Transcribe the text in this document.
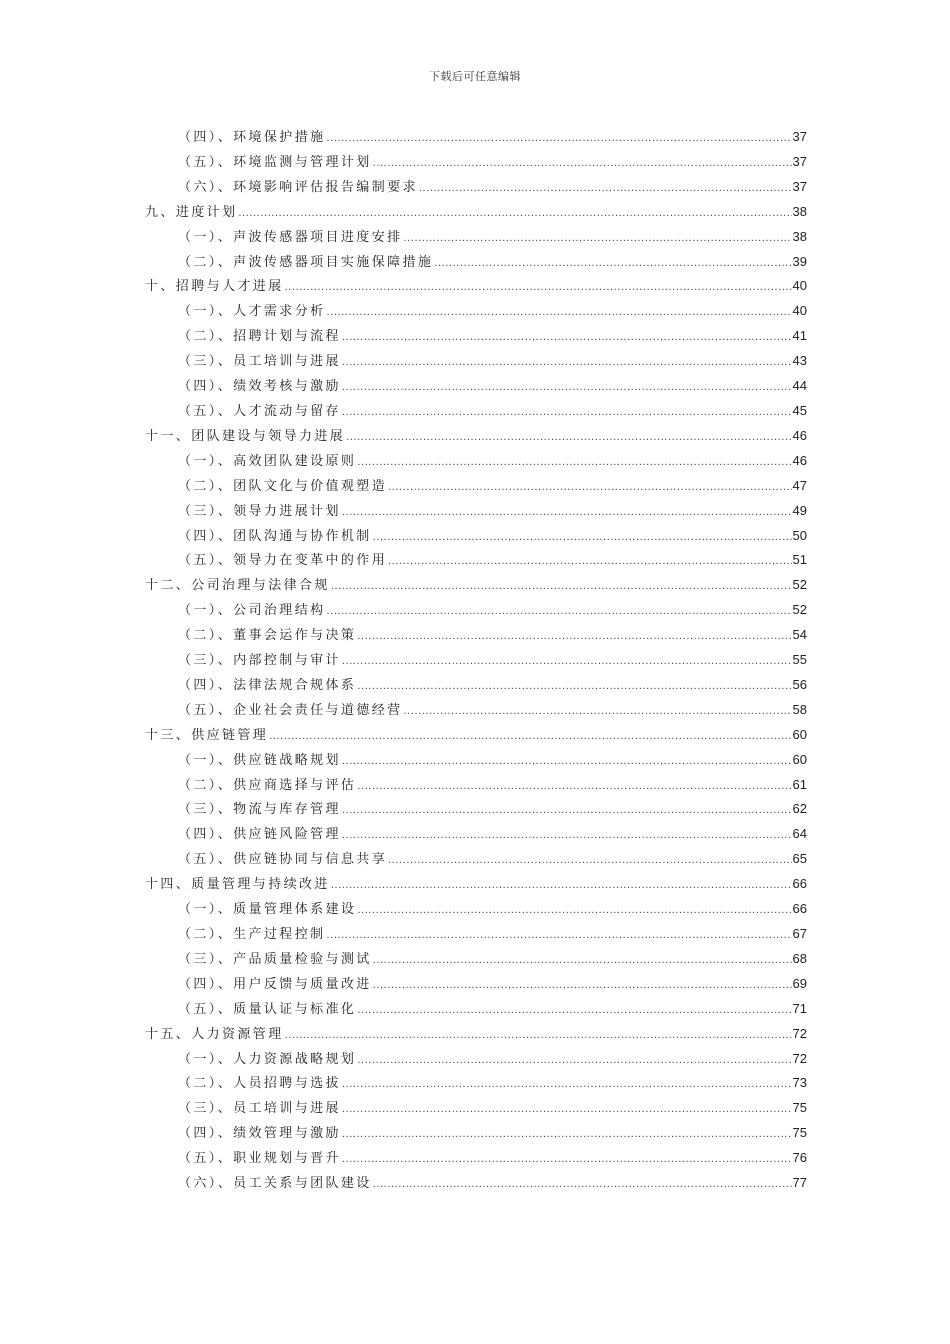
下载后可任意编辑
（四）、环境保护措施 .....	37
（五）、环境监测与管理计划 .....	37
（六）、环境影响评估报告编制要求 .....	37
九、进度计划 .....	38
（一）、声波传感器项目进度安排 .....	38
（二）、声波传感器项目实施保障措施 .....	39
十、招聘与人才进展 .....	40
（一）、人才需求分析 .....	40
（二）、招聘计划与流程 .....	41
（三）、员工培训与进展 .....	43
（四）、绩效考核与激励 .....	44
（五）、人才流动与留存 .....	45
十一、团队建设与领导力进展 .....	46
（一）、高效团队建设原则 .....	46
（二）、团队文化与价值观塑造 .....	47
（三）、领导力进展计划 .....	49
（四）、团队沟通与协作机制 .....	50
（五）、领导力在变革中的作用 .....	51
十二、公司治理与法律合规 .....	52
（一）、公司治理结构 .....	52
（二）、董事会运作与决策 .....	54
（三）、内部控制与审计 .....	55
（四）、法律法规合规体系 .....	56
（五）、企业社会责任与道德经营 .....	58
十三、供应链管理 .....	60
（一）、供应链战略规划 .....	60
（二）、供应商选择与评估 .....	61
（三）、物流与库存管理 .....	62
（四）、供应链风险管理 .....	64
（五）、供应链协同与信息共享 .....	65
十四、质量管理与持续改进 .....	66
（一）、质量管理体系建设 .....	66
（二）、生产过程控制 .....	67
（三）、产品质量检验与测试 .....	68
（四）、用户反馈与质量改进 .....	69
（五）、质量认证与标准化 .....	71
十五、人力资源管理 .....	72
（一）、人力资源战略规划 .....	72
（二）、人员招聘与选拔 .....	73
（三）、员工培训与进展 .....	75
（四）、绩效管理与激励 .....	75
（五）、职业规划与晋升 .....	76
（六）、员工关系与团队建设 .....	77
